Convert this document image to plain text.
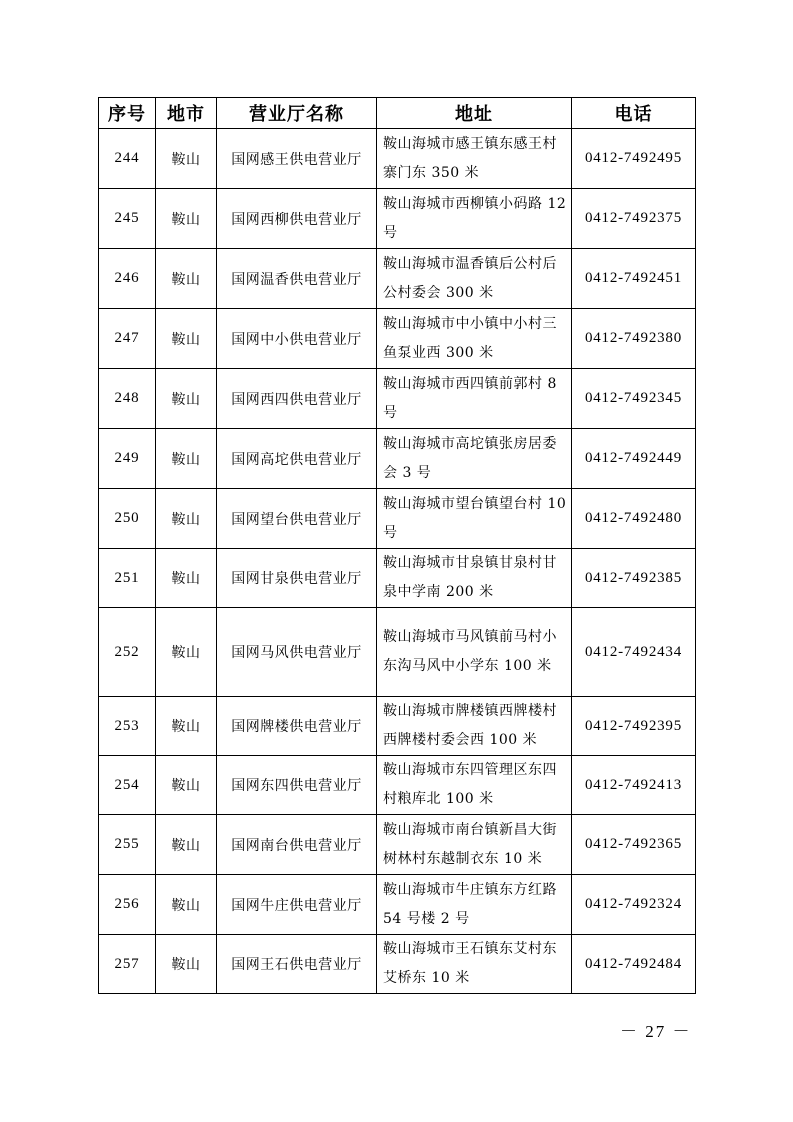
序号	地市	营业厅名称	地址	电话
244	鞍山	国网感王供电营业厅	鞍山海城市感王镇东感王村寨门东 350 米	0412-7492495
245	鞍山	国网西柳供电营业厅	鞍山海城市西柳镇小码路 12 号	0412-7492375
246	鞍山	国网温香供电营业厅	鞍山海城市温香镇后公村后公村委会 300 米	0412-7492451
247	鞍山	国网中小供电营业厅	鞍山海城市中小镇中小村三鱼泵业西 300 米	0412-7492380
248	鞍山	国网西四供电营业厅	鞍山海城市西四镇前郭村 8 号	0412-7492345
249	鞍山	国网高坨供电营业厅	鞍山海城市高坨镇张房居委会 3 号	0412-7492449
250	鞍山	国网望台供电营业厅	鞍山海城市望台镇望台村 10 号	0412-7492480
251	鞍山	国网甘泉供电营业厅	鞍山海城市甘泉镇甘泉村甘泉中学南 200 米	0412-7492385
252	鞍山	国网马风供电营业厅	鞍山海城市马风镇前马村小东沟马风中小学东 100 米	0412-7492434
253	鞍山	国网牌楼供电营业厅	鞍山海城市牌楼镇西牌楼村西牌楼村委会西 100 米	0412-7492395
254	鞍山	国网东四供电营业厅	鞍山海城市东四管理区东四村粮库北 100 米	0412-7492413
255	鞍山	国网南台供电营业厅	鞍山海城市南台镇新昌大街树林村东越制衣东 10 米	0412-7492365
256	鞍山	国网牛庄供电营业厅	鞍山海城市牛庄镇东方红路 54 号楼 2 号	0412-7492324
257	鞍山	国网王石供电营业厅	鞍山海城市王石镇东艾村东艾桥东 10 米	0412-7492484
－ 27 －
